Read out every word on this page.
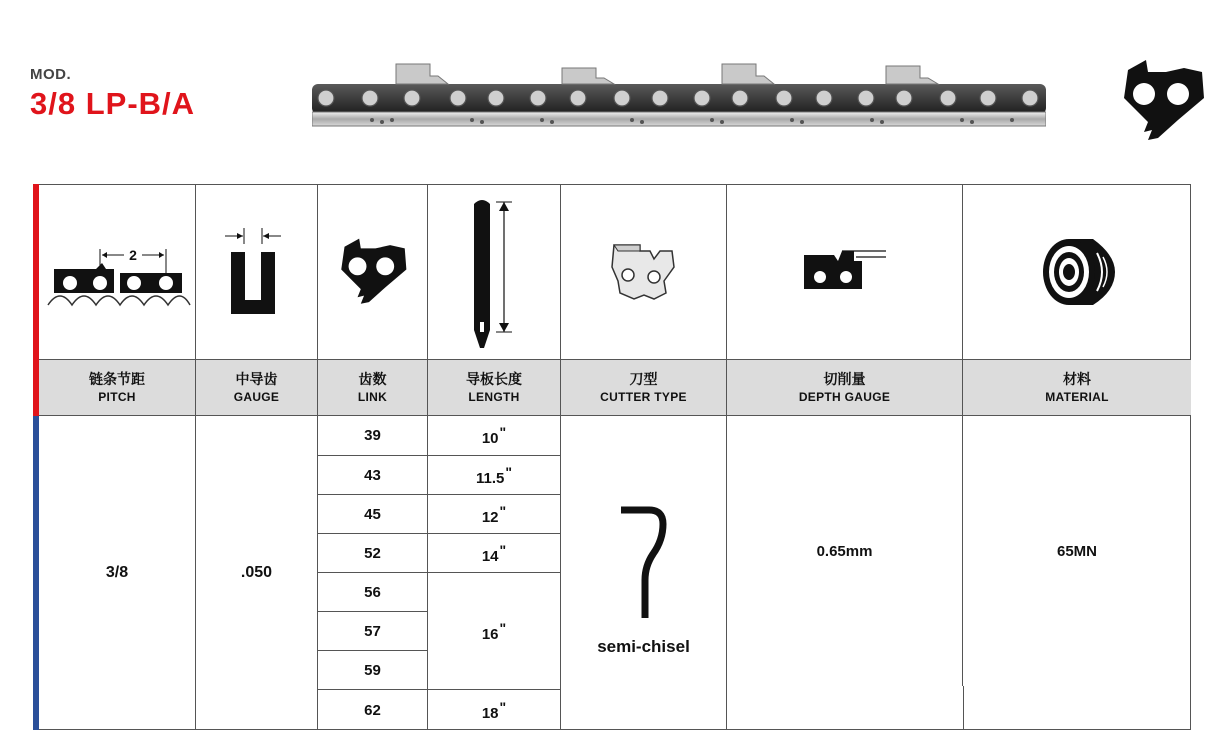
MOD.
3/8 LP-B/A
2
链条节距
PITCH
中导齿
GAUGE
齿数
LINK
导板长度
LENGTH
刀型
CUTTER TYPE
切削量
DEPTH GAUGE
材料
MATERIAL
3/8	.050
39
43
45
52
56
57
59
62
10"
11.5"
12"
14"
16"
18"
semi-chisel
0.65mm	65MN
